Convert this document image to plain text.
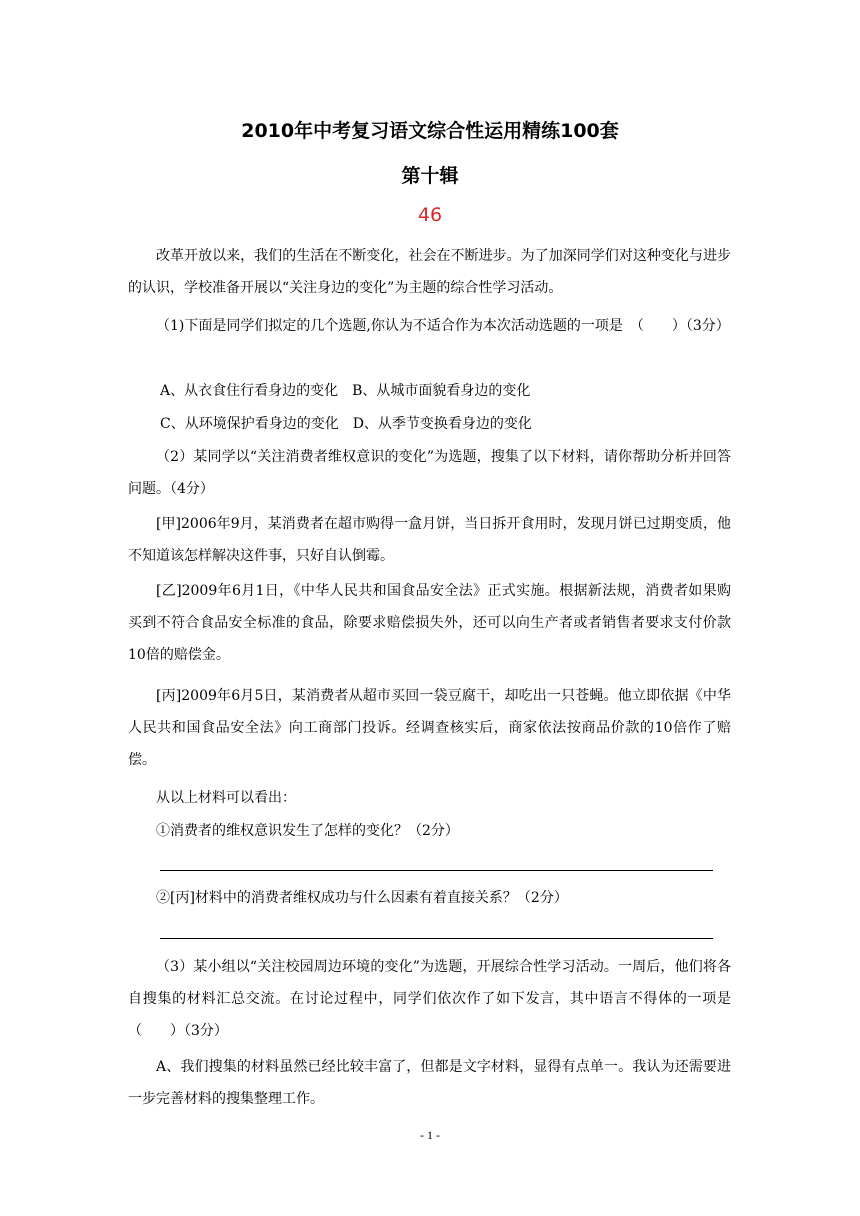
2010年中考复习语文综合性运用精练100套
第十辑
46

改革开放以来，我们的生活在不断变化，社会在不断进步。为了加深同学们对这种变化与进步的认识，学校准备开展以“关注身边的变化”为主题的综合性学习活动。

（1)下面是同学们拟定的几个选题,你认为不适合作为本次活动选题的一项是　（　　）（3分）

A、从衣食住行看身边的变化　B、从城市面貌看身边的变化

C、从环境保护看身边的变化　D、从季节变换看身边的变化

（2）某同学以“关注消费者维权意识的变化”为选题，搜集了以下材料，请你帮助分析并回答问题。（4分）

[甲]2006年9月，某消费者在超市购得一盒月饼，当日拆开食用时，发现月饼已过期变质，他不知道该怎样解决这件事，只好自认倒霉。

[乙]2009年6月1日，《中华人民共和国食品安全法》正式实施。根据新法规，消费者如果购买到不符合食品安全标准的食品，除要求赔偿损失外，还可以向生产者或者销售者要求支付价款10倍的赔偿金。

[丙]2009年6月5日，某消费者从超市买回一袋豆腐干，却吃出一只苍蝇。他立即依据《中华人民共和国食品安全法》向工商部门投诉。经调查核实后，商家依法按商品价款的10倍作了赔偿。

从以上材料可以看出：

①消费者的维权意识发生了怎样的变化？（2分）

②[丙]材料中的消费者维权成功与什么因素有着直接关系？（2分）

（3）某小组以“关注校园周边环境的变化”为选题，开展综合性学习活动。一周后，他们将各自搜集的材料汇总交流。在讨论过程中，同学们依次作了如下发言，其中语言不得体的一项是（　　）（3分）

A、我们搜集的材料虽然已经比较丰富了，但都是文字材料，显得有点单一。我认为还需要进一步完善材料的搜集整理工作。

- 1 -
